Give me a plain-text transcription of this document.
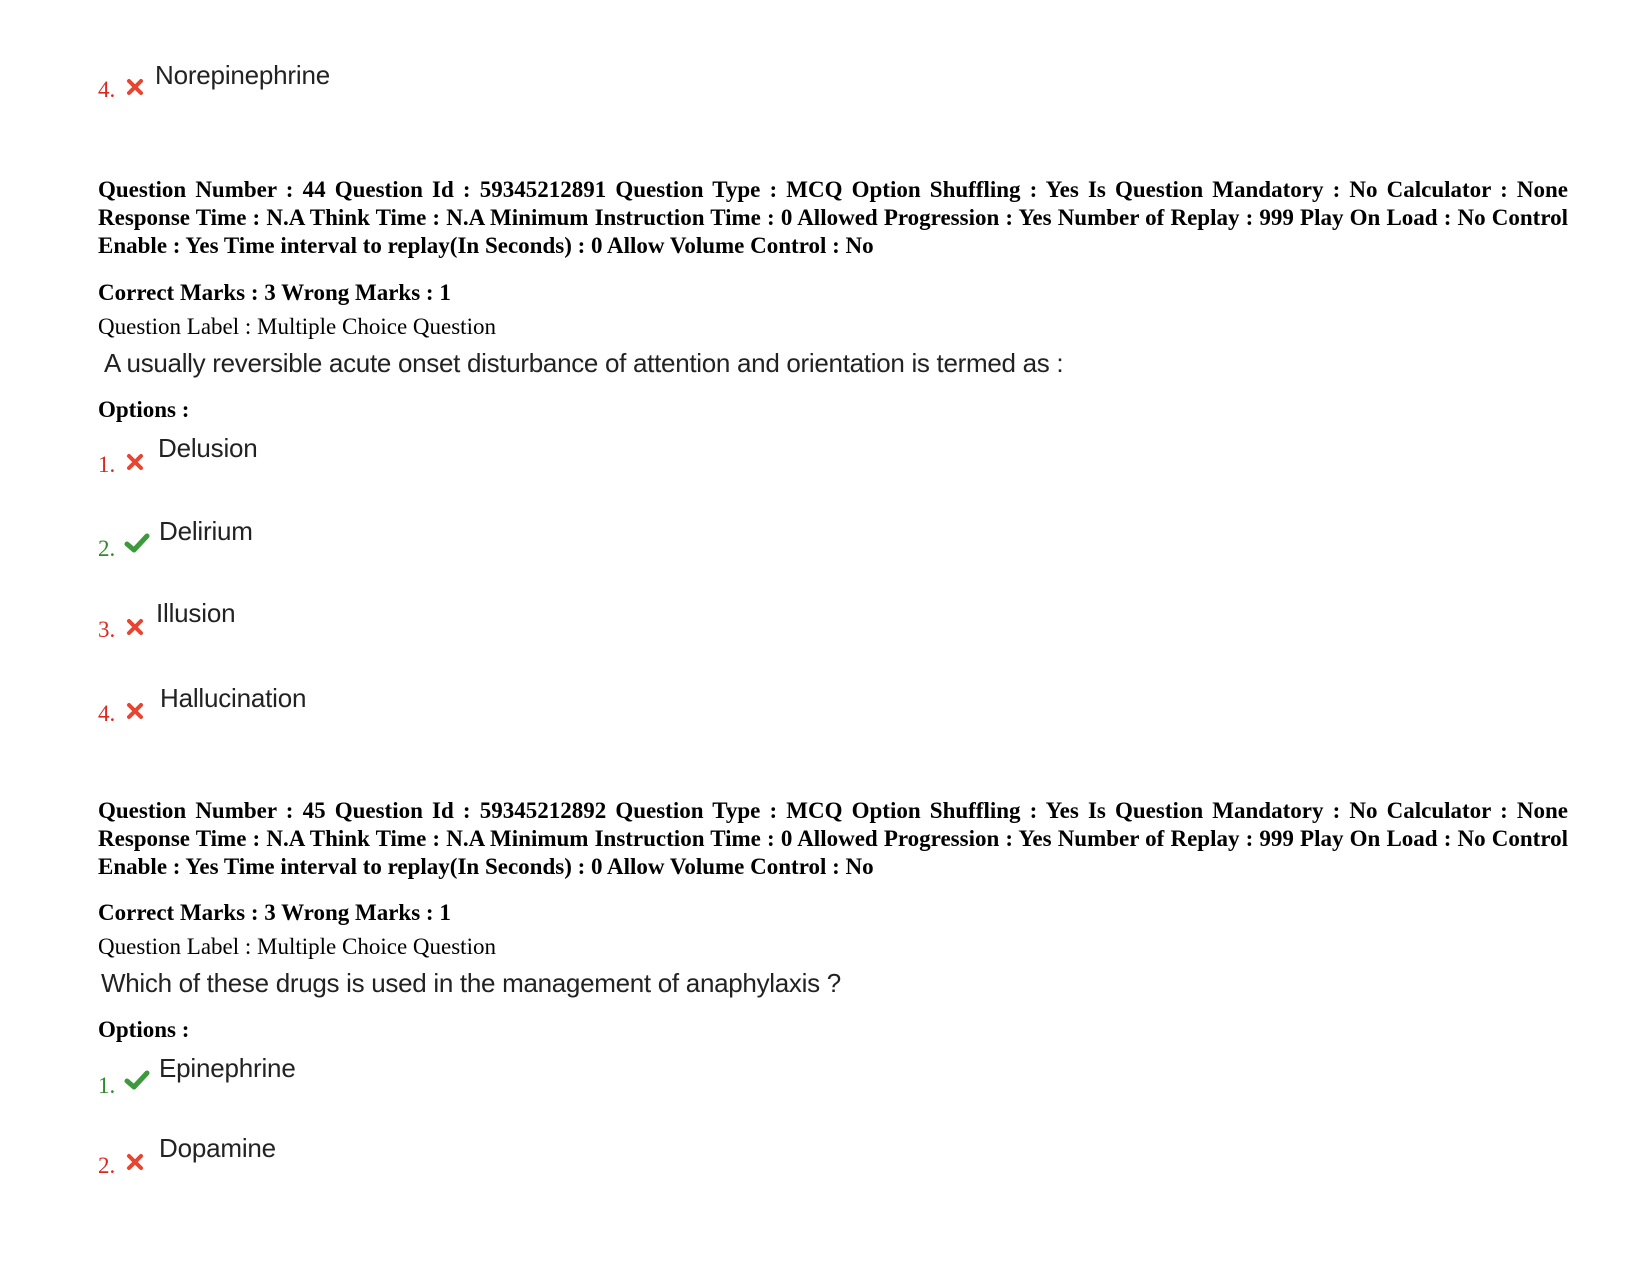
4. Norepinephrine
Question Number : 44 Question Id : 59345212891 Question Type : MCQ Option Shuffling : Yes Is Question Mandatory : No Calculator : None Response Time : N.A Think Time : N.A Minimum Instruction Time : 0 Allowed Progression : Yes Number of Replay : 999 Play On Load : No Control Enable : Yes Time interval to replay(In Seconds) : 0 Allow Volume Control : No
Correct Marks : 3 Wrong Marks : 1
Question Label : Multiple Choice Question
A usually reversible acute onset disturbance of attention and orientation is termed as :
Options :
1.
Delusion
2.
Delirium
3.
Illusion
4.
Hallucination
Question Number : 45 Question Id : 59345212892 Question Type : MCQ Option Shuffling : Yes Is Question Mandatory : No Calculator : None Response Time : N.A Think Time : N.A Minimum Instruction Time : 0 Allowed Progression : Yes Number of Replay : 999 Play On Load : No Control Enable : Yes Time interval to replay(In Seconds) : 0 Allow Volume Control : No
Correct Marks : 3 Wrong Marks : 1
Question Label : Multiple Choice Question
Which of these drugs is used in the management of anaphylaxis ?
Options :
1.
Epinephrine
2.
Dopamine
